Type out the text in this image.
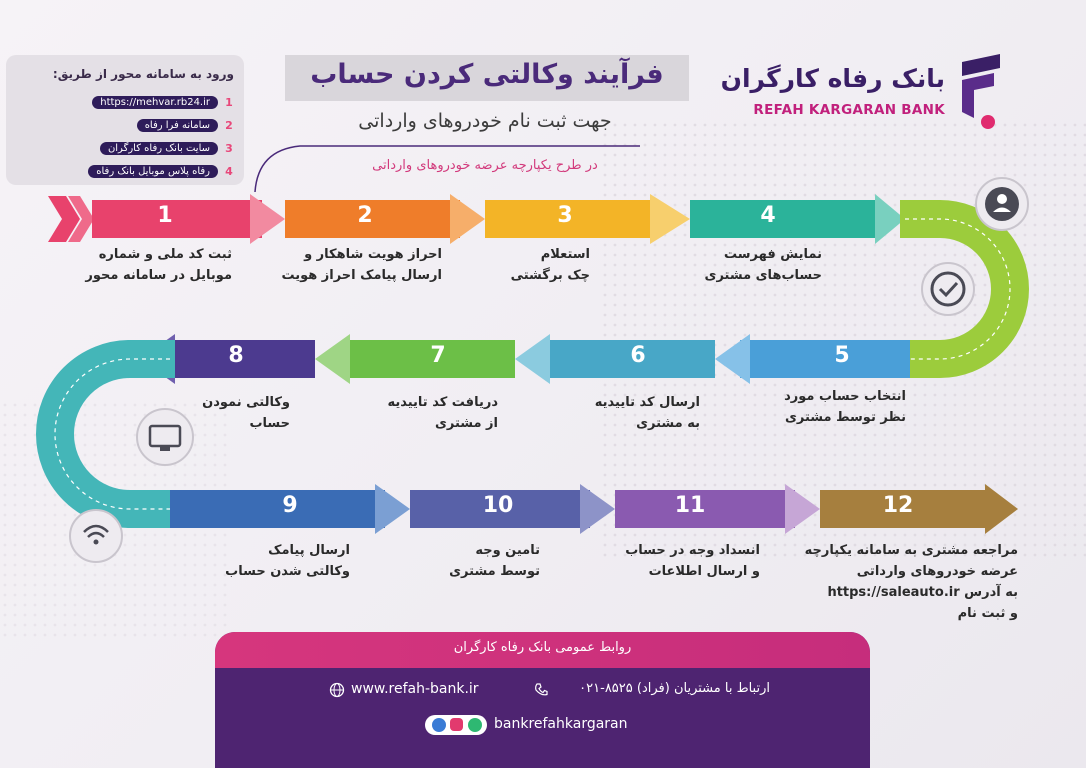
1	2	3	4
5
6
7
8
9	10	11	12
ثبت کد ملی و شماره
موبایل در سامانه محور
احراز هویت شاهکار و
ارسال پیامک احراز هویت
استعلام
چک برگشتی
نمایش فهرست
حساب‌های مشتری
انتخاب حساب مورد
نظر توسط مشتری
ارسال کد تاییدیه
به مشتری
دریافت کد تاییدیه
از مشتری
وکالتی نمودن
حساب
ارسال پیامک
وکالتی شدن حساب
تامین وجه
توسط مشتری
انسداد وجه در حساب
و ارسال اطلاعات
مراجعه مشتری به سامانه یکپارچه
عرضه خودروهای وارداتی
به آدرس https://saleauto.ir
و ثبت نام
ورود به سامانه محور از طریق:
1
https://mehvar.rb24.ir
2
سامانه فرا رفاه
3
سایت بانک رفاه کارگران
4
رفاه پلاس موبایل بانک رفاه
فرآیند وکالتی کردن حساب
جهت ثبت نام خودروهای وارداتی
در طرح یکپارچه عرضه خودروهای وارداتی
بانک رفاه کارگران
REFAH KARGARAN BANK
روابط عمومی بانک رفاه کارگران
www.refah-bank.ir	ارتباط با مشتریان (فراد) ۸۵۲۵-۰۲۱
bankrefahkargaran
